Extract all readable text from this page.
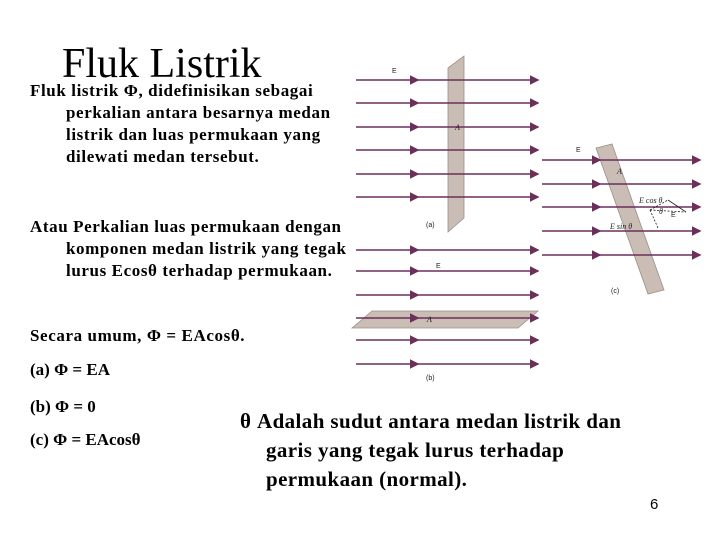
Fluk Listrik
Fluk listrik Φ, didefinisikan sebagai perkalian antara besarnya medan listrik dan luas permukaan yang dilewati medan tersebut.
Atau Perkalian luas permukaan dengan komponen medan listrik yang tegak lurus Ecosθ terhadap permukaan.
Secara umum, Φ = EAcosθ.
(a) Φ = EA
(b) Φ = 0
(c) Φ = EAcosθ
θ Adalah sudut antara medan listrik dan garis yang tegak lurus terhadap permukaan (normal).
6
E
A
(a)
E
A
(b)
E cos θ
E sin θ
θ
E
E
A
(c)
